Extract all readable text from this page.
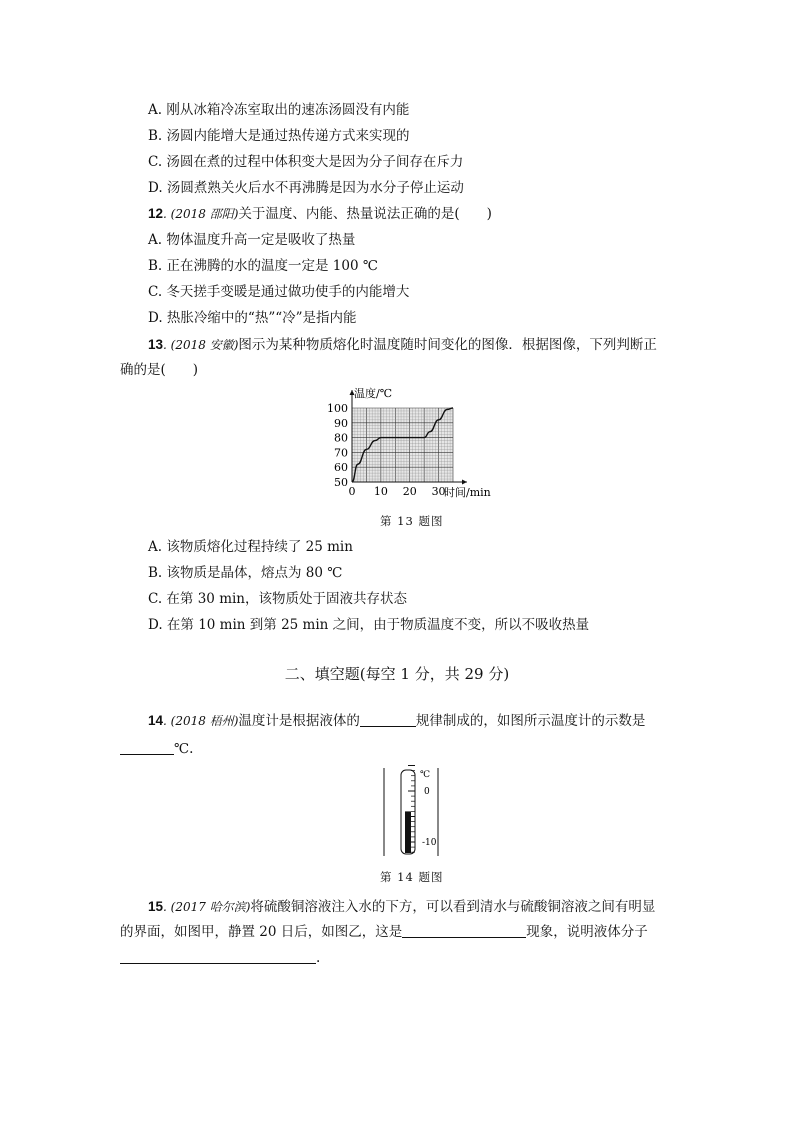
A. 刚从冰箱冷冻室取出的速冻汤圆没有内能
B. 汤圆内能增大是通过热传递方式来实现的
C. 汤圆在煮的过程中体积变大是因为分子间存在斥力
D. 汤圆煮熟关火后水不再沸腾是因为水分子停止运动
12. (2018 邵阳)关于温度、内能、热量说法正确的是(　　)
A. 物体温度升高一定是吸收了热量
B. 正在沸腾的水的温度一定是 100 ℃
C. 冬天搓手变暖是通过做功使手的内能增大
D. 热胀冷缩中的“热”“冷”是指内能
13. (2018 安徽)图示为某种物质熔化时温度随时间变化的图像．根据图像，下列判断正
确的是(　　)
50
60
70
80
90
100
0 10 20 30
温度/℃
时间/min
第 13 题图
A. 该物质熔化过程持续了 25 min
B. 该物质是晶体，熔点为 80 ℃
C. 在第 30 min，该物质处于固液共存状态
D. 在第 10 min 到第 25 min 之间，由于物质温度不变，所以不吸收热量
二、填空题(每空 1 分，共 29 分)
14. (2018 梧州)温度计是根据液体的	规律制成的，如图所示温度计的示数是
℃.
℃
0
-10
第 14 题图
15. (2017 哈尔滨)将硫酸铜溶液注入水的下方，可以看到清水与硫酸铜溶液之间有明显
的界面，如图甲，静置 20 日后，如图乙，这是	现象，说明液体分子
.
